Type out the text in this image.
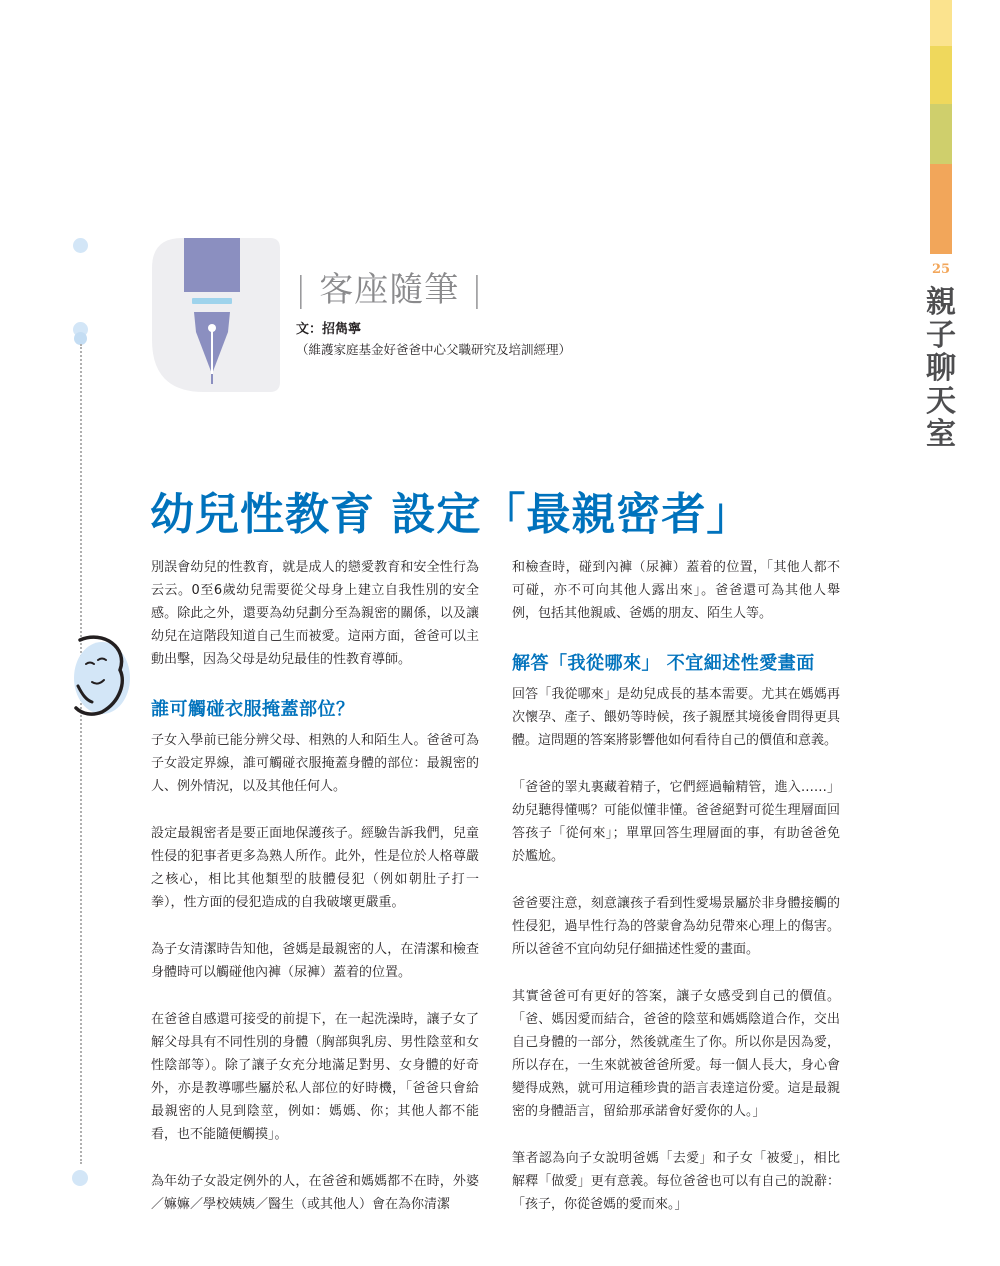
25
親子聊天室
| 客座隨筆 |
文：招雋寧
（維護家庭基金好爸爸中心父職研究及培訓經理）
幼兒性教育 設定「最親密者」

別誤會幼兒的性教育，就是成人的戀愛教育和安全性行為云云。0至6歲幼兒需要從父母身上建立自我性別的安全感。除此之外，還要為幼兒劃分至為親密的關係，以及讓幼兒在這階段知道自己生而被愛。這兩方面，爸爸可以主動出擊，因為父母是幼兒最佳的性教育導師。

誰可觸碰衣服掩蓋部位？

子女入學前已能分辨父母、相熟的人和陌生人。爸爸可為子女設定界線，誰可觸碰衣服掩蓋身體的部位：最親密的人、例外情況，以及其他任何人。

設定最親密者是要正面地保護孩子。經驗告訴我們，兒童性侵的犯事者更多為熟人所作。此外，性是位於人格尊嚴之核心，相比其他類型的肢體侵犯（例如朝肚子打一拳），性方面的侵犯造成的自我破壞更嚴重。

為子女清潔時告知他，爸媽是最親密的人，在清潔和檢查身體時可以觸碰他內褲（尿褲）蓋着的位置。

在爸爸自感還可接受的前提下，在一起洗澡時，讓子女了解父母具有不同性別的身體（胸部與乳房、男性陰莖和女性陰部等）。除了讓子女充分地滿足對男、女身體的好奇外，亦是教導哪些屬於私人部位的好時機，「爸爸只會給最親密的人見到陰莖，例如：媽媽、你；其他人都不能看，也不能隨便觸摸」。

為年幼子女設定例外的人，在爸爸和媽媽都不在時，外婆／嫲嫲／學校姨姨／醫生（或其他人）會在為你清潔

和檢查時，碰到內褲（尿褲）蓋着的位置，「其他人都不可碰，亦不可向其他人露出來」。爸爸還可為其他人舉例，包括其他親戚、爸媽的朋友、陌生人等。

解答「我從哪來」 不宜細述性愛畫面

回答「我從哪來」是幼兒成長的基本需要。尤其在媽媽再次懷孕、產子、餵奶等時候，孩子親歷其境後會問得更具體。這問題的答案將影響他如何看待自己的價值和意義。

「爸爸的睪丸裏藏着精子，它們經過輸精管，進入……」幼兒聽得懂嗎？可能似懂非懂。爸爸絕對可從生理層面回答孩子「從何來」；單單回答生理層面的事，有助爸爸免於尷尬。

爸爸要注意，刻意讓孩子看到性愛場景屬於非身體接觸的性侵犯，過早性行為的啓蒙會為幼兒帶來心理上的傷害。所以爸爸不宜向幼兒仔細描述性愛的畫面。

其實爸爸可有更好的答案，讓子女感受到自己的價值。「爸、媽因愛而結合，爸爸的陰莖和媽媽陰道合作，交出自己身體的一部分，然後就產生了你。所以你是因為愛，所以存在，一生來就被爸爸所愛。每一個人長大，身心會變得成熟，就可用這種珍貴的語言表達這份愛。這是最親密的身體語言，留給那承諾會好愛你的人。」

筆者認為向子女說明爸媽「去愛」和子女「被愛」，相比解釋「做愛」更有意義。每位爸爸也可以有自己的說辭：「孩子，你從爸媽的愛而來。」
